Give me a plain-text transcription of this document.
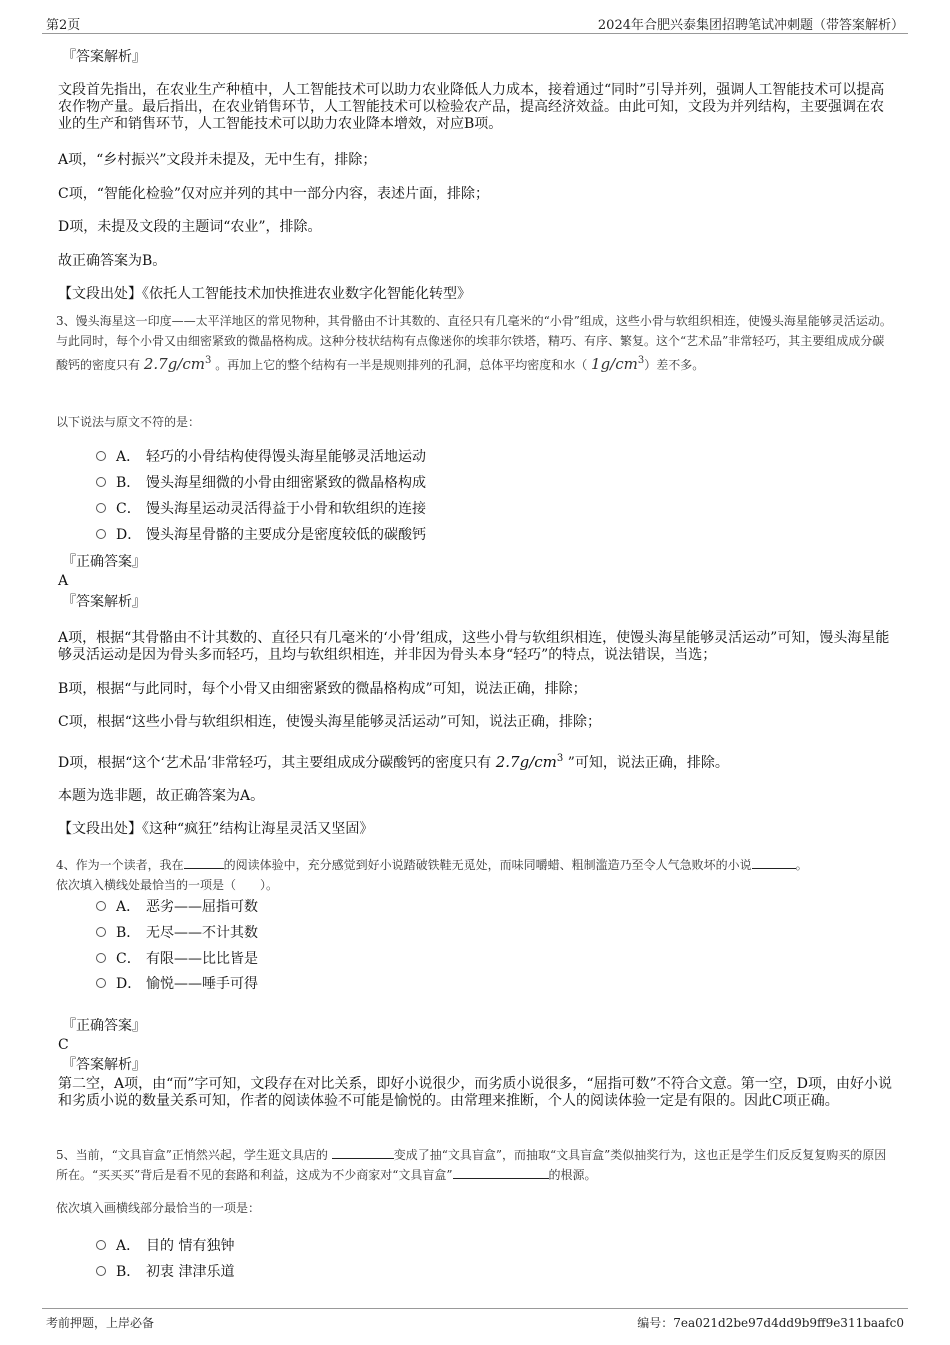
第2页	2024年合肥兴泰集团招聘笔试冲刺题（带答案解析）
『答案解析』
文段首先指出，在农业生产种植中，人工智能技术可以助力农业降低人力成本，接着通过“同时”引导并列，强调人工智能技术可以提高农作物产量。最后指出，在农业销售环节，人工智能技术可以检验农产品，提高经济效益。由此可知，文段为并列结构，主要强调在农业的生产和销售环节，人工智能技术可以助力农业降本增效，对应B项。
A项，“乡村振兴”文段并未提及，无中生有，排除；
C项，“智能化检验”仅对应并列的其中一部分内容，表述片面，排除；
D项，未提及文段的主题词“农业”，排除。
故正确答案为B。
【文段出处】《依托人工智能技术加快推进农业数字化智能化转型》
3、馒头海星这一印度——太平洋地区的常见物种，其骨骼由不计其数的、直径只有几毫米的“小骨”组成，这些小骨与软组织相连，使馒头海星能够灵活运动。与此同时，每个小骨又由细密紧致的微晶格构成。这种分枝状结构有点像迷你的埃菲尔铁塔，精巧、有序、繁复。这个“艺术品”非常轻巧，其主要组成成分碳酸钙的密度只有 $2.7g/cm^3$ 。再加上它的整个结构有一半是规则排列的孔洞，总体平均密度和水（ $1g/cm^3$）差不多。
以下说法与原文不符的是：
A． 轻巧的小骨结构使得馒头海星能够灵活地运动
B． 馒头海星细微的小骨由细密紧致的微晶格构成
C． 馒头海星运动灵活得益于小骨和软组织的连接
D． 馒头海星骨骼的主要成分是密度较低的碳酸钙
『正确答案』
A
『答案解析』
A项，根据“其骨骼由不计其数的、直径只有几毫米的‘小骨’组成，这些小骨与软组织相连，使馒头海星能够灵活运动”可知，馒头海星能够灵活运动是因为骨头多而轻巧，且均与软组织相连，并非因为骨头本身“轻巧”的特点，说法错误，当选；
B项，根据“与此同时，每个小骨又由细密紧致的微晶格构成”可知，说法正确，排除；
C项，根据“这些小骨与软组织相连，使馒头海星能够灵活运动”可知，说法正确，排除；
D项，根据“这个‘艺术品’非常轻巧，其主要组成成分碳酸钙的密度只有 $2.7g/cm^3$ ”可知，说法正确，排除。
本题为选非题，故正确答案为A。
【文段出处】《这种“疯狂”结构让海星灵活又坚固》
4、作为一个读者，我在	的阅读体验中，充分感觉到好小说踏破铁鞋无觅处，而味同嚼蜡、粗制滥造乃至令人气急败坏的小说	。
依次填入横线处最恰当的一项是（　　）。
A． 恶劣——屈指可数
B． 无尽——不计其数
C． 有限——比比皆是
D． 愉悦——唾手可得
『正确答案』
C
『答案解析』
第二空，A项，由“而”字可知，文段存在对比关系，即好小说很少，而劣质小说很多，“屈指可数”不符合文意。第一空，D项，由好小说和劣质小说的数量关系可知，作者的阅读体验不可能是愉悦的。由常理来推断，个人的阅读体验一定是有限的。因此C项正确。
5、当前，“文具盲盒”正悄然兴起，学生逛文具店的	变成了抽“文具盲盒”，而抽取“文具盲盒”类似抽奖行为，这也正是学生们反反复复购买的原因所在。“买买买”背后是看不见的套路和利益，这成为不少商家对“文具盲盒”	的根源。
依次填入画横线部分最恰当的一项是：
A． 目的 情有独钟
B． 初衷 津津乐道
考前押题，上岸必备	编号：7ea021d2be97d4dd9b9ff9e311baafc0
